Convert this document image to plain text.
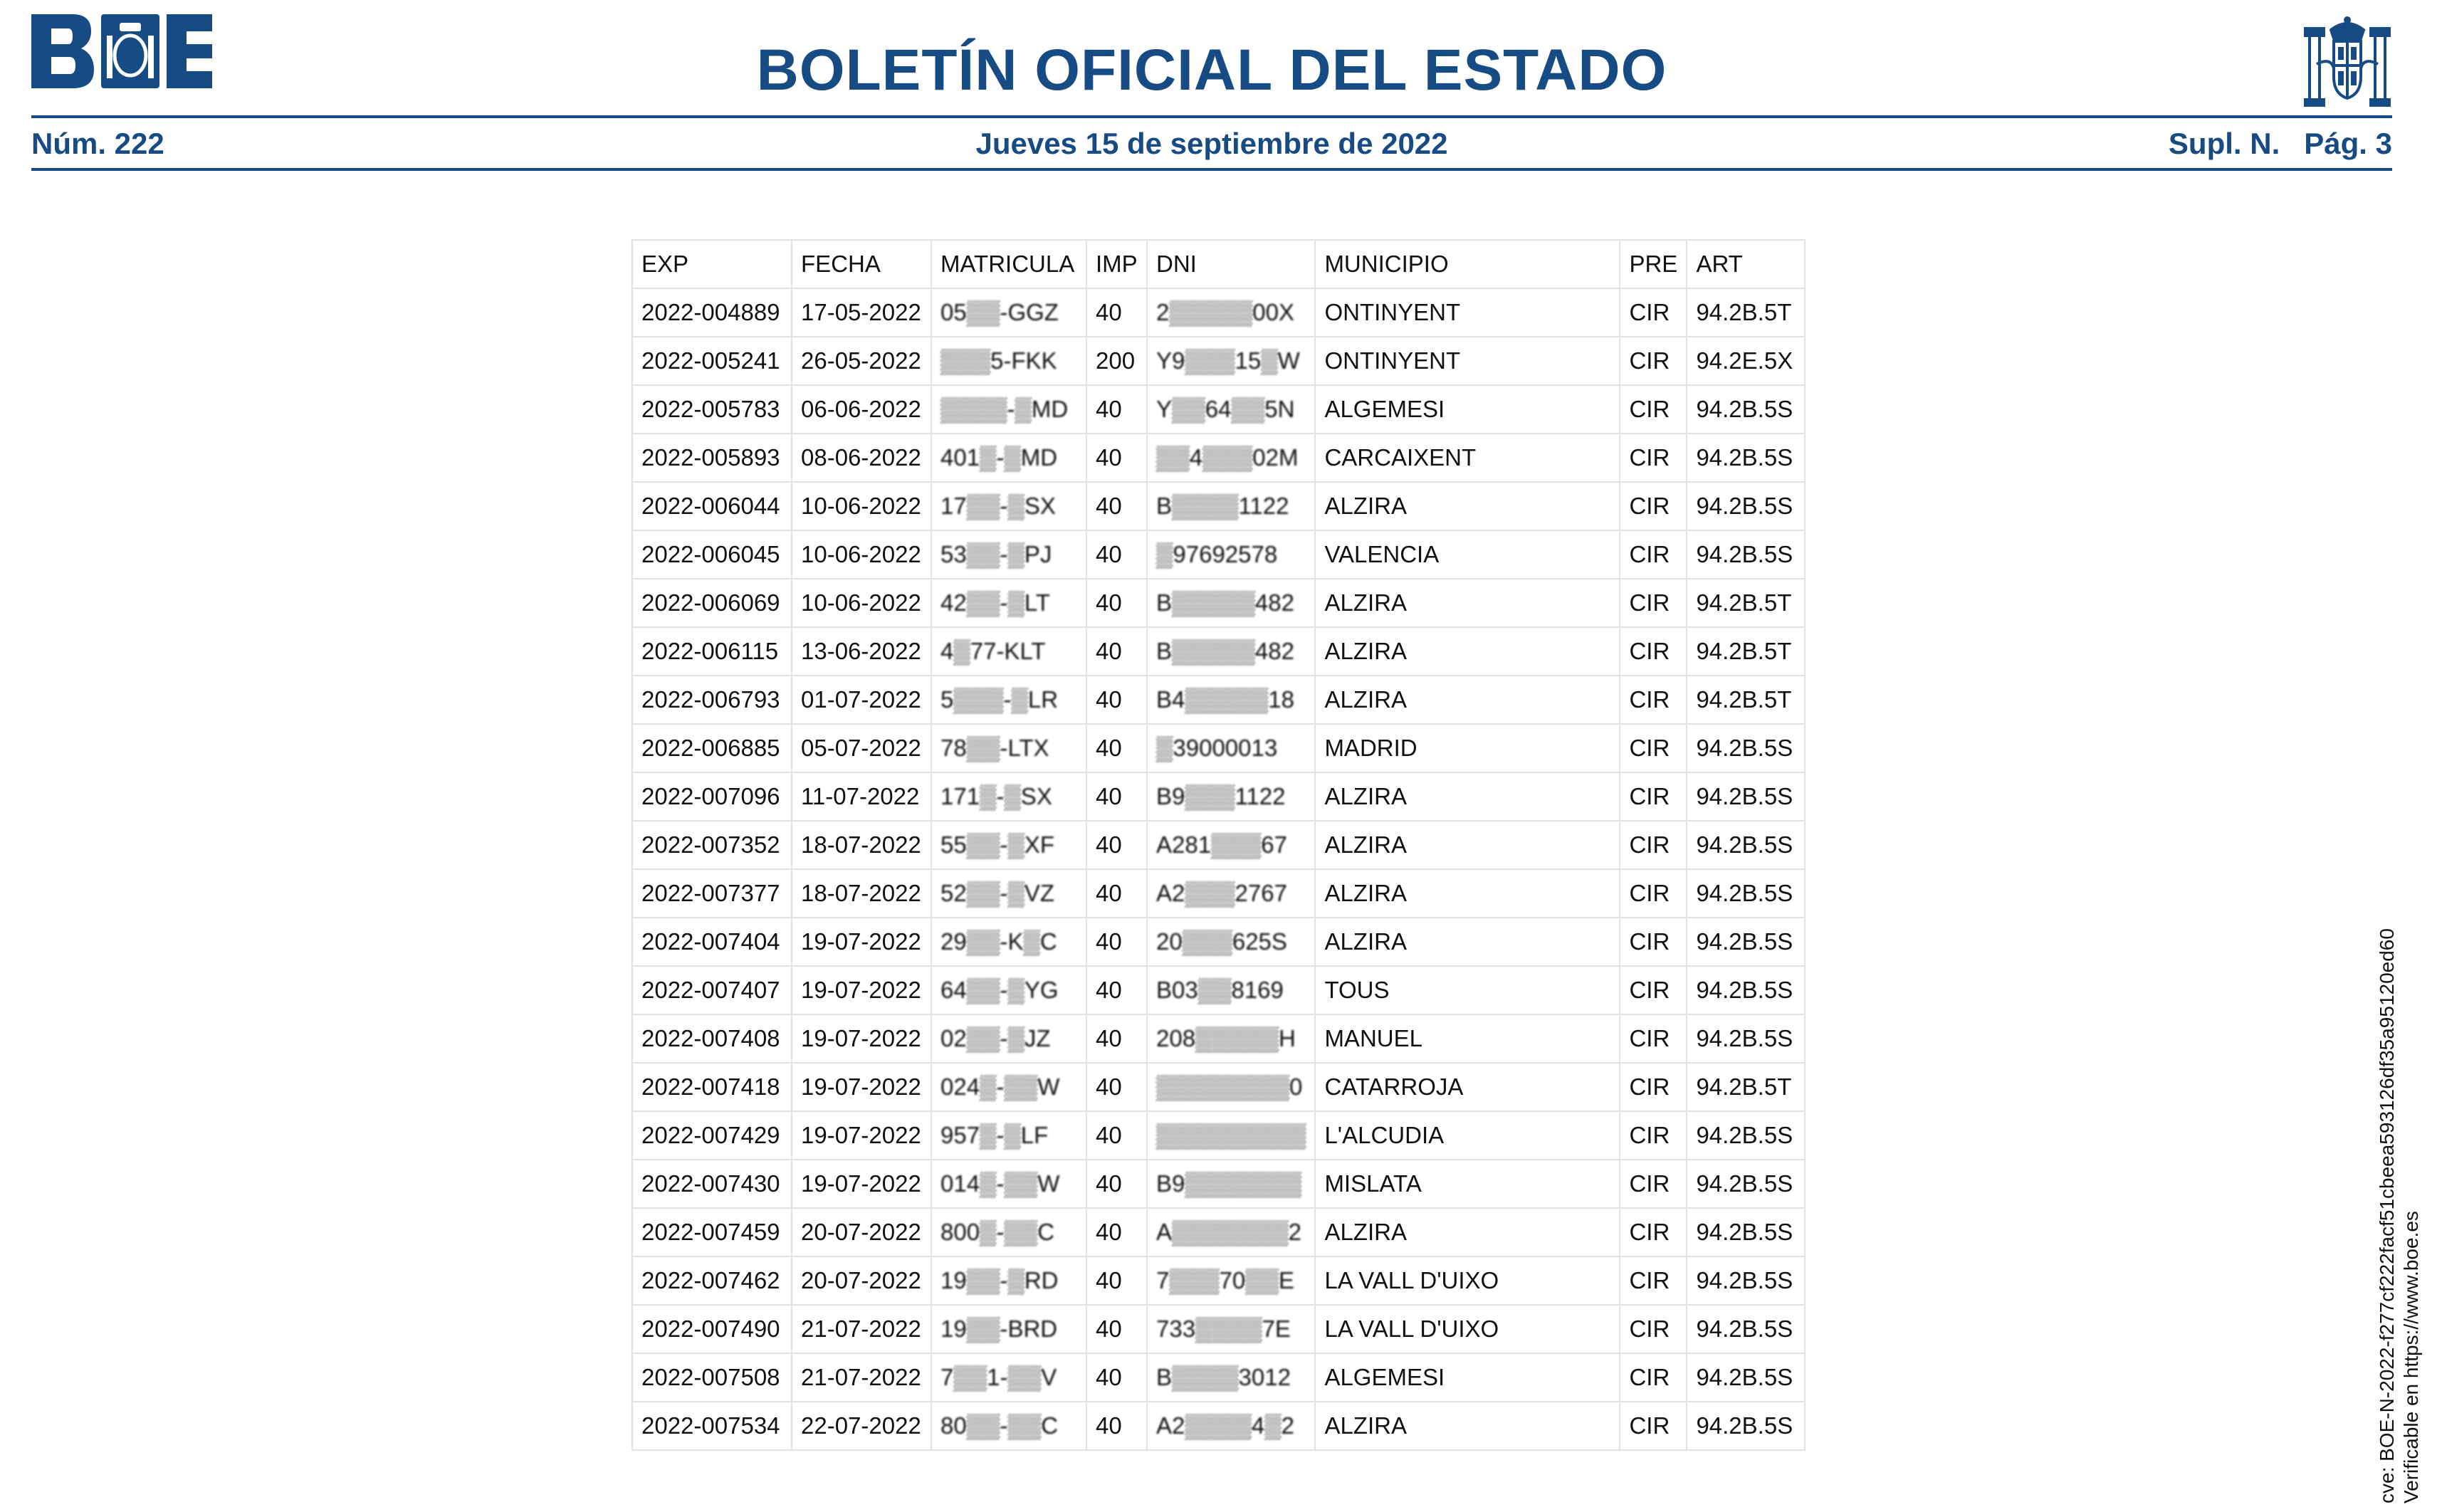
BOLETÍN OFICIAL DEL ESTADO
Núm. 222	Jueves 15 de septiembre de 2022	Supl. N. Pág. 3
EXP	FECHA	MATRICULA	IMP	DNI	MUNICIPIO	PRE	ART
2022-004889	17-05-2022	05▒▒-GGZ	40	2▒▒▒▒▒00X	ONTINYENT	CIR	94.2B.5T
2022-005241	26-05-2022	▒▒▒5-FKK	200	Y9▒▒▒15▒W	ONTINYENT	CIR	94.2E.5X
2022-005783	06-06-2022	▒▒▒▒-▒MD	40	Y▒▒64▒▒5N	ALGEMESI	CIR	94.2B.5S
2022-005893	08-06-2022	401▒-▒MD	40	▒▒4▒▒▒02M	CARCAIXENT	CIR	94.2B.5S
2022-006044	10-06-2022	17▒▒-▒SX	40	B▒▒▒▒1122	ALZIRA	CIR	94.2B.5S
2022-006045	10-06-2022	53▒▒-▒PJ	40	▒97692578	VALENCIA	CIR	94.2B.5S
2022-006069	10-06-2022	42▒▒-▒LT	40	B▒▒▒▒▒482	ALZIRA	CIR	94.2B.5T
2022-006115	13-06-2022	4▒77-KLT	40	B▒▒▒▒▒482	ALZIRA	CIR	94.2B.5T
2022-006793	01-07-2022	5▒▒▒-▒LR	40	B4▒▒▒▒▒18	ALZIRA	CIR	94.2B.5T
2022-006885	05-07-2022	78▒▒-LTX	40	▒39000013	MADRID	CIR	94.2B.5S
2022-007096	11-07-2022	171▒-▒SX	40	B9▒▒▒1122	ALZIRA	CIR	94.2B.5S
2022-007352	18-07-2022	55▒▒-▒XF	40	A281▒▒▒67	ALZIRA	CIR	94.2B.5S
2022-007377	18-07-2022	52▒▒-▒VZ	40	A2▒▒▒2767	ALZIRA	CIR	94.2B.5S
2022-007404	19-07-2022	29▒▒-K▒C	40	20▒▒▒625S	ALZIRA	CIR	94.2B.5S
2022-007407	19-07-2022	64▒▒-▒YG	40	B03▒▒8169	TOUS	CIR	94.2B.5S
2022-007408	19-07-2022	02▒▒-▒JZ	40	208▒▒▒▒▒H	MANUEL	CIR	94.2B.5S
2022-007418	19-07-2022	024▒-▒▒W	40	▒▒▒▒▒▒▒▒0	CATARROJA	CIR	94.2B.5T
2022-007429	19-07-2022	957▒-▒LF	40	▒▒▒▒▒▒▒▒▒	L'ALCUDIA	CIR	94.2B.5S
2022-007430	19-07-2022	014▒-▒▒W	40	B9▒▒▒▒▒▒▒	MISLATA	CIR	94.2B.5S
2022-007459	20-07-2022	800▒-▒▒C	40	A▒▒▒▒▒▒▒2	ALZIRA	CIR	94.2B.5S
2022-007462	20-07-2022	19▒▒-▒RD	40	7▒▒▒70▒▒E	LA VALL D'UIXO	CIR	94.2B.5S
2022-007490	21-07-2022	19▒▒-BRD	40	733▒▒▒▒7E	LA VALL D'UIXO	CIR	94.2B.5S
2022-007508	21-07-2022	7▒▒1-▒▒V	40	B▒▒▒▒3012	ALGEMESI	CIR	94.2B.5S
2022-007534	22-07-2022	80▒▒-▒▒C	40	A2▒▒▒▒4▒2	ALZIRA	CIR	94.2B.5S	cve: BOE-N-2022-f277cf222facf51cbeea593126df35a95120ed60 Verificable en https://www.boe.es
